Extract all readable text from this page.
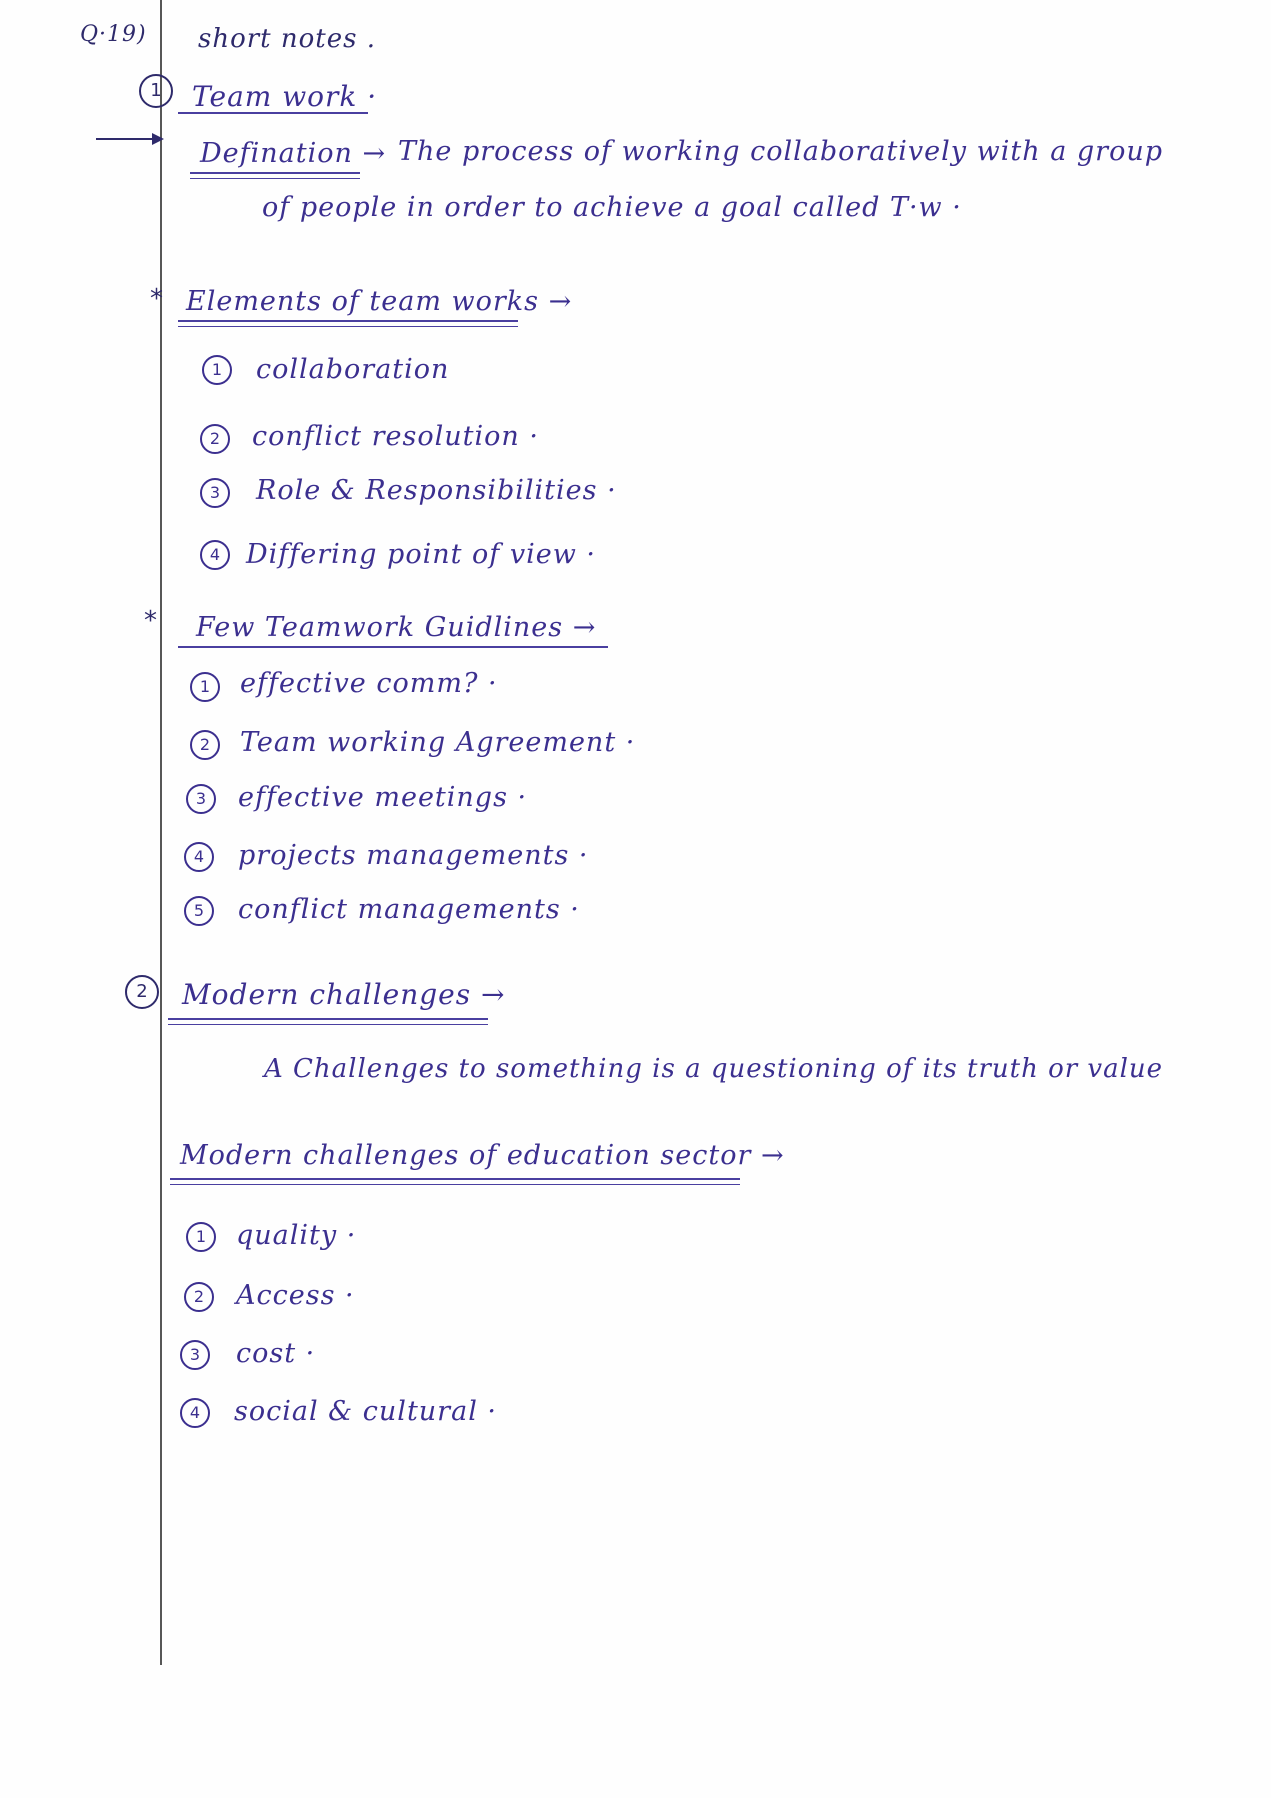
Q·19) short notes .
1	Team work ·
Defination → The process of working collaboratively with a group
of people in order to achieve a goal called T·w ·
* Elements of team works →
1	collaboration
2	conflict resolution ·
3	Role & Responsibilities ·
4 Differing point of view ·
* Few Teamwork Guidlines →
1	effective comm? ·
2	Team working Agreement ·
3	effective meetings ·
4	projects managements ·
5	conflict managements ·
2	Modern challenges →
A Challenges to something is a questioning of its truth or value
Modern challenges of education sector →
1	quality ·
2	Access ·
3	cost ·
4	social & cultural ·
